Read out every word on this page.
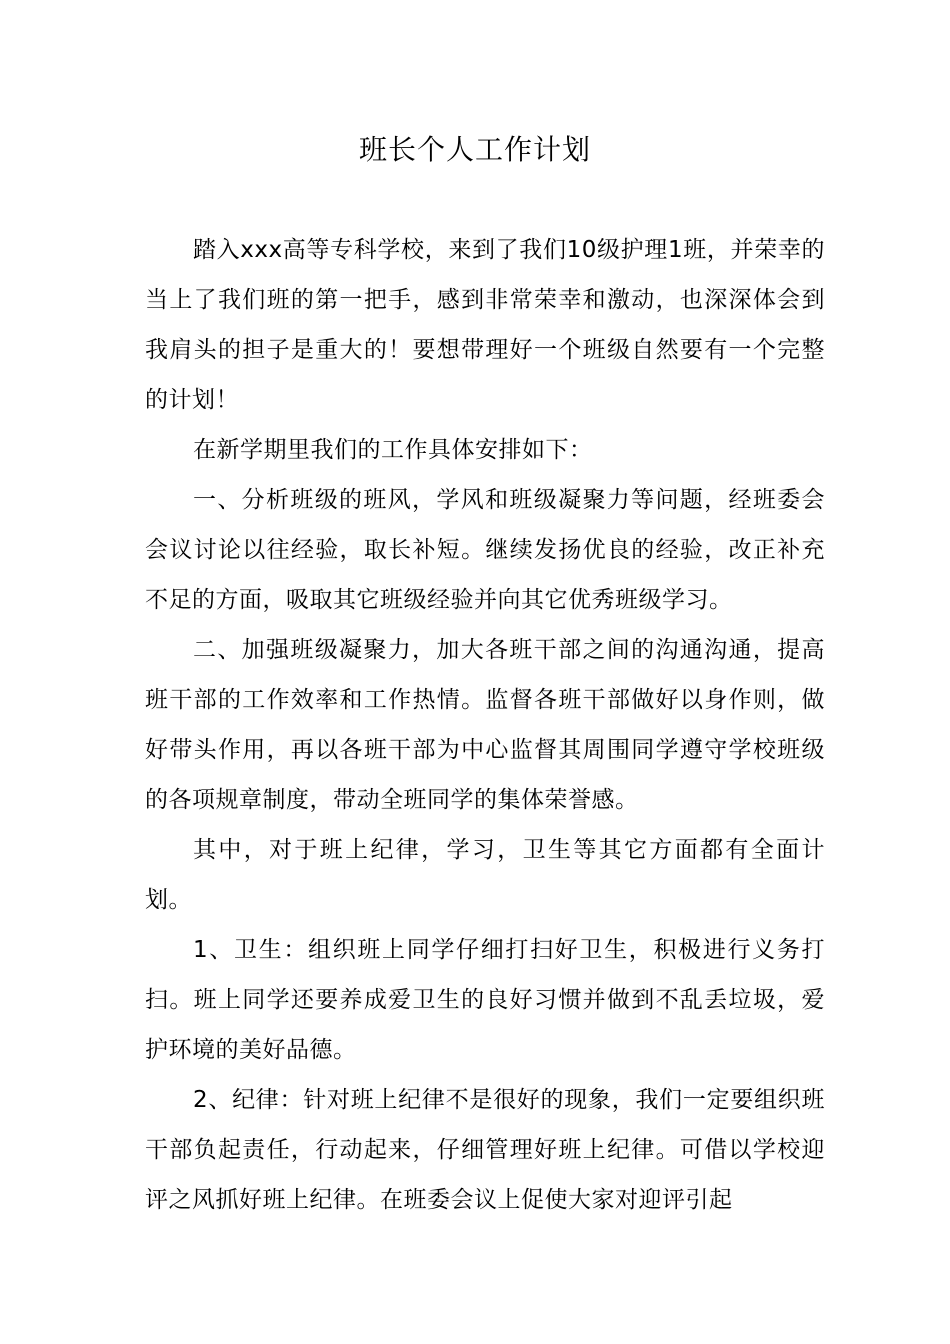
班长个人工作计划

踏入xxx高等专科学校，来到了我们10级护理1班，并荣幸的当上了我们班的第一把手，感到非常荣幸和激动，也深深体会到我肩头的担子是重大的！要想带理好一个班级自然要有一个完整的计划！

在新学期里我们的工作具体安排如下：

一、分析班级的班风，学风和班级凝聚力等问题，经班委会会议讨论以往经验，取长补短。继续发扬优良的经验，改正补充不足的方面，吸取其它班级经验并向其它优秀班级学习。

二、加强班级凝聚力，加大各班干部之间的沟通沟通，提高班干部的工作效率和工作热情。监督各班干部做好以身作则，做好带头作用，再以各班干部为中心监督其周围同学遵守学校班级的各项规章制度，带动全班同学的集体荣誉感。

其中，对于班上纪律，学习，卫生等其它方面都有全面计划。

1、卫生：组织班上同学仔细打扫好卫生，积极进行义务打扫。班上同学还要养成爱卫生的良好习惯并做到不乱丢垃圾，爱护环境的美好品德。

2、纪律：针对班上纪律不是很好的现象，我们一定要组织班干部负起责任，行动起来，仔细管理好班上纪律。可借以学校迎评之风抓好班上纪律。在班委会议上促使大家对迎评引起
